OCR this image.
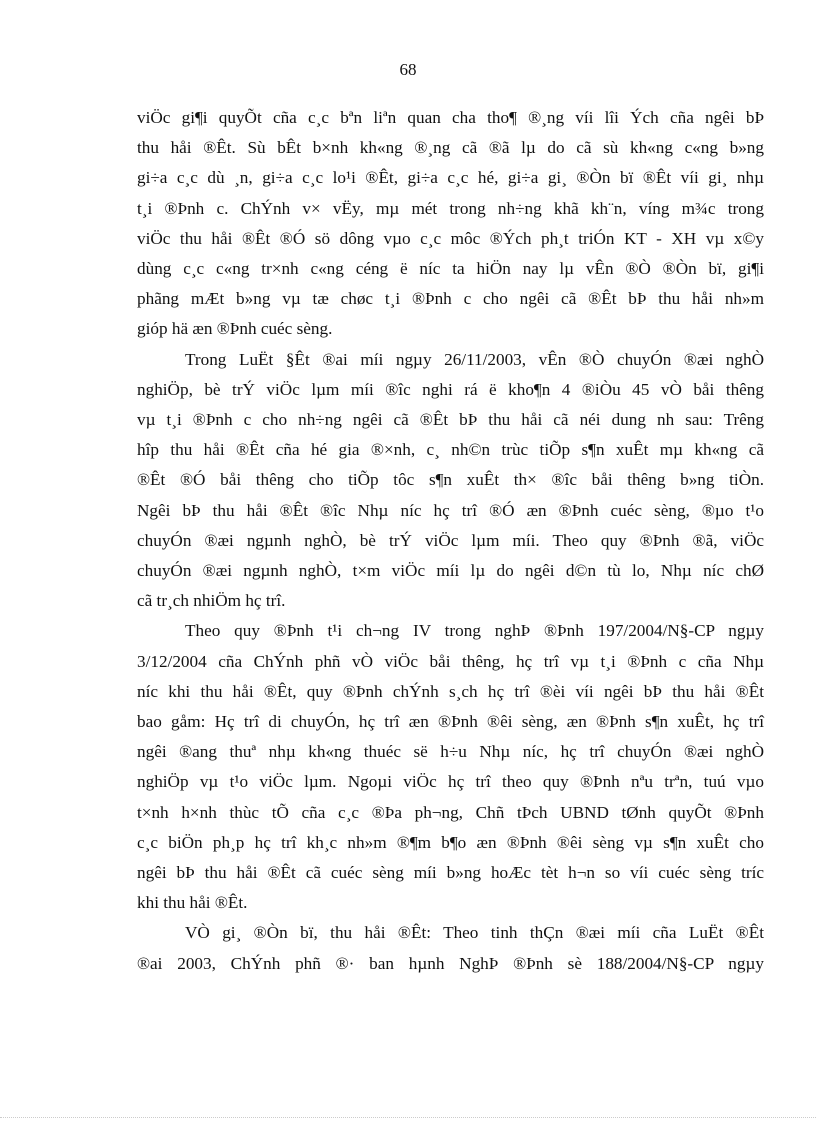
68

viÖc gi¶i quyÕt cña c¸c bªn liªn quan cha tho¶ ®¸ng víi lîi Ých cña ngêi bÞ
thu håi ®Êt. Sù bÊt b×nh kh«ng ®¸ng cã ®ã lµ do cã sù kh«ng c«ng b»ng
gi÷a c¸c dù ¸n, gi÷a c¸c lo¹i ®Êt, gi÷a c¸c hé, gi÷a gi¸ ®Òn bï ®Êt víi gi¸ nhµ
t¸i ®Þnh c. ChÝnh v× vËy, mµ mét trong nh÷ng khã kh¨n, víng m¾c trong
viÖc thu håi ®Êt ®Ó sö dông vµo c¸c môc ®Ých ph¸t triÓn KT - XH vµ x©y
dùng c¸c c«ng tr×nh c«ng céng ë níc ta hiÖn nay lµ vÊn ®Ò ®Òn bï, gi¶i
phãng mÆt b»ng vµ tæ chøc t¸i ®Þnh c cho ngêi cã ®Êt bÞ thu håi nh»m
gióp hä æn ®Þnh cuéc sèng.

Trong LuËt §Êt ®ai míi ngµy 26/11/2003, vÊn ®Ò chuyÓn ®æi nghÒ
nghiÖp, bè trÝ viÖc lµm míi ®îc nghi rá ë kho¶n 4 ®iÒu 45 vÒ båi thêng
vµ t¸i ®Þnh c cho nh÷ng ngêi cã ®Êt bÞ thu håi cã néi dung nh sau: Trêng
hîp thu håi ®Êt cña hé gia ®×nh, c¸ nh©n trùc tiÕp s¶n xuÊt mµ kh«ng cã
®Êt ®Ó båi thêng cho tiÕp tôc s¶n xuÊt th× ®îc båi thêng b»ng tiÒn.
Ngêi bÞ thu håi ®Êt ®îc Nhµ níc hç trî ®Ó æn ®Þnh cuéc sèng, ®µo t¹o
chuyÓn ®æi ngµnh nghÒ, bè trÝ viÖc lµm míi. Theo quy ®Þnh ®ã, viÖc
chuyÓn ®æi ngµnh nghÒ, t×m viÖc míi lµ do ngêi d©n tù lo, Nhµ níc chØ
cã tr¸ch nhiÖm hç trî.

Theo quy ®Þnh t¹i ch¬ng IV trong nghÞ ®Þnh 197/2004/N§-CP ngµy
3/12/2004 cña ChÝnh phñ vÒ viÖc båi thêng, hç trî vµ t¸i ®Þnh c cña Nhµ
níc khi thu håi ®Êt, quy ®Þnh chÝnh s¸ch hç trî ®èi víi ngêi bÞ thu håi ®Êt
bao gåm: Hç trî di chuyÓn, hç trî æn ®Þnh ®êi sèng, æn ®Þnh s¶n xuÊt, hç trî
ngêi ®ang thuª nhµ kh«ng thuéc së h÷u Nhµ níc, hç trî chuyÓn ®æi nghÒ
nghiÖp vµ t¹o viÖc lµm. Ngoµi viÖc hç trî theo quy ®Þnh nªu trªn, tuú vµo
t×nh h×nh thùc tÕ cña c¸c ®Þa ph¬ng, Chñ tÞch UBND tØnh quyÕt ®Þnh
c¸c biÖn ph¸p hç trî kh¸c nh»m ®¶m b¶o æn ®Þnh ®êi sèng vµ s¶n xuÊt cho
ngêi bÞ thu håi ®Êt cã cuéc sèng míi b»ng hoÆc tèt h¬n so víi cuéc sèng tríc
khi thu håi ®Êt.

VÒ gi¸ ®Òn bï, thu håi ®Êt: Theo tinh thÇn ®æi míi cña LuËt ®Êt
®ai 2003, ChÝnh phñ ®· ban hµnh NghÞ ®Þnh sè 188/2004/N§-CP ngµy
